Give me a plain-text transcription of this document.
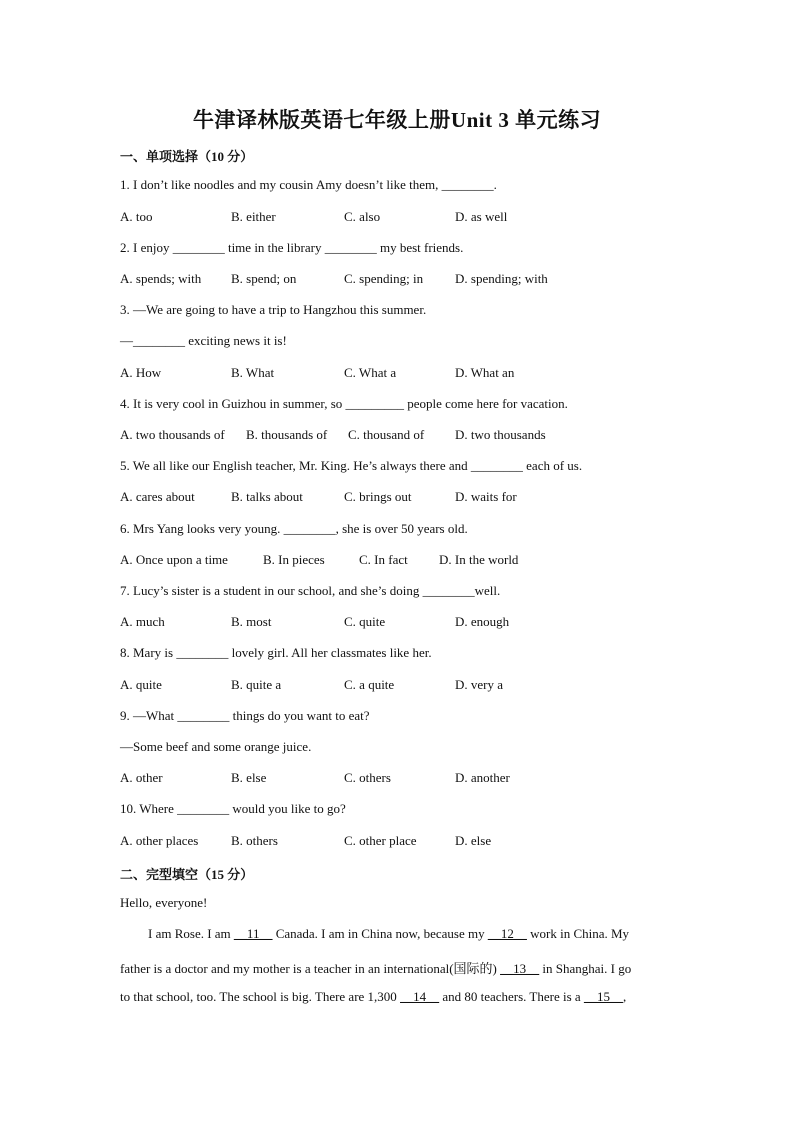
牛津译林版英语七年级上册Unit 3 单元练习
一、单项选择（10 分）
1. I don’t like noodles and my cousin Amy doesn’t like them, ________.
A. too	B. either	C. also	D. as well
2. I enjoy ________ time in the library ________ my best friends.
A. spends; with B. spend; on	C. spending; in D. spending; with
3. —We are going to have a trip to Hangzhou this summer.
—________ exciting news it is!
A. How	B. What	C. What a	D. What an
4. It is very cool in Guizhou in summer, so _________ people come here for vacation.
A. two thousands of B. thousands of C. thousand of D. two thousands
5. We all like our English teacher, Mr. King. He’s always there and ________ each of us.
A. cares about	B. talks about	C. brings out	D. waits for
6. Mrs Yang looks very young. ________, she is over 50 years old.
A. Once upon a time	B. In pieces	C. In fact D. In the world
7. Lucy’s sister is a student in our school, and she’s doing ________well.
A. much	B. most	C. quite	D. enough
8. Mary is ________ lovely girl. All her classmates like her.
A. quite	B. quite a	C. a quite	D. very a
9. —What ________ things do you want to eat?
—Some beef and some orange juice.
A. other	B. else	C. others	D. another
10. Where ________ would you like to go?
A. other places	B. others	C. other place	D. else
二、完型填空（15 分）
Hello, everyone!
I am Rose. I am __11__ Canada. I am in China now, because my __12__ work in China. My
father is a doctor and my mother is a teacher in an international(国际的) __13__ in Shanghai. I go
to that school, too. The school is big. There are 1,300 __14__ and 80 teachers. There is a __15__,
